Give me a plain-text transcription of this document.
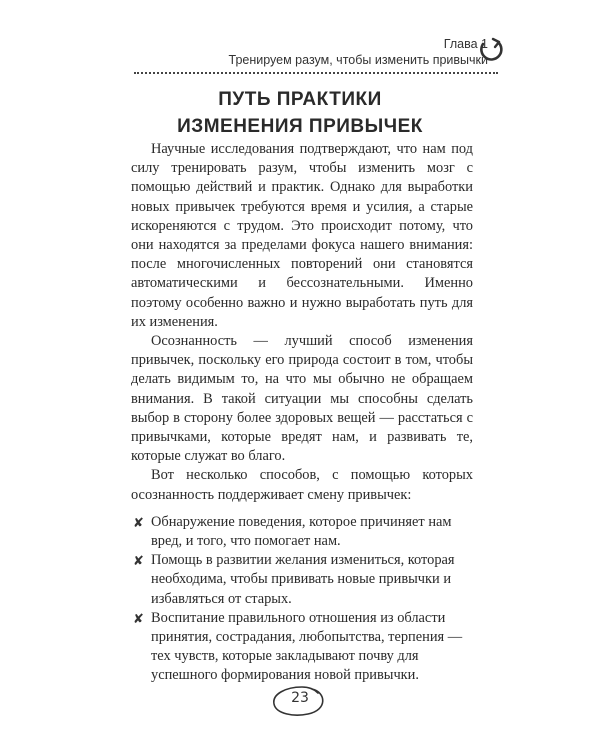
Глава 1
Тренируем разум, чтобы изменить привычки
ПУТЬ ПРАКТИКИ
ИЗМЕНЕНИЯ ПРИВЫЧЕК

Научные исследования подтверждают, что нам под силу тренировать разум, чтобы изменить мозг с помощью действий и практик. Однако для выработки новых привычек требуются время и усилия, а старые искореняются с трудом. Это происходит потому, что они находятся за пределами фокуса нашего внимания: после многочисленных повторений они становятся автоматическими и бессознательными. Именно поэтому особенно важно и нужно выработать путь для их изменения.

Осознанность — лучший способ изменения привычек, поскольку его природа состоит в том, чтобы делать видимым то, на что мы обычно не обращаем внимания. В такой ситуации мы способны сделать выбор в сторону более здоровых вещей — расстаться с привычками, которые вредят нам, и развивать те, которые служат во благо.

Вот несколько способов, с помощью которых осознанность поддерживает смену привычек:

✘ Обнаружение поведения, которое причиняет нам вред, и того, что помогает нам.
✘ Помощь в развитии желания измениться, которая необходима, чтобы прививать новые привычки и избавляться от старых.
✘ Воспитание правильного отношения из области принятия, сострадания, любопытства, терпения — тех чувств, которые закладывают почву для успешного формирования новой привычки.
23
